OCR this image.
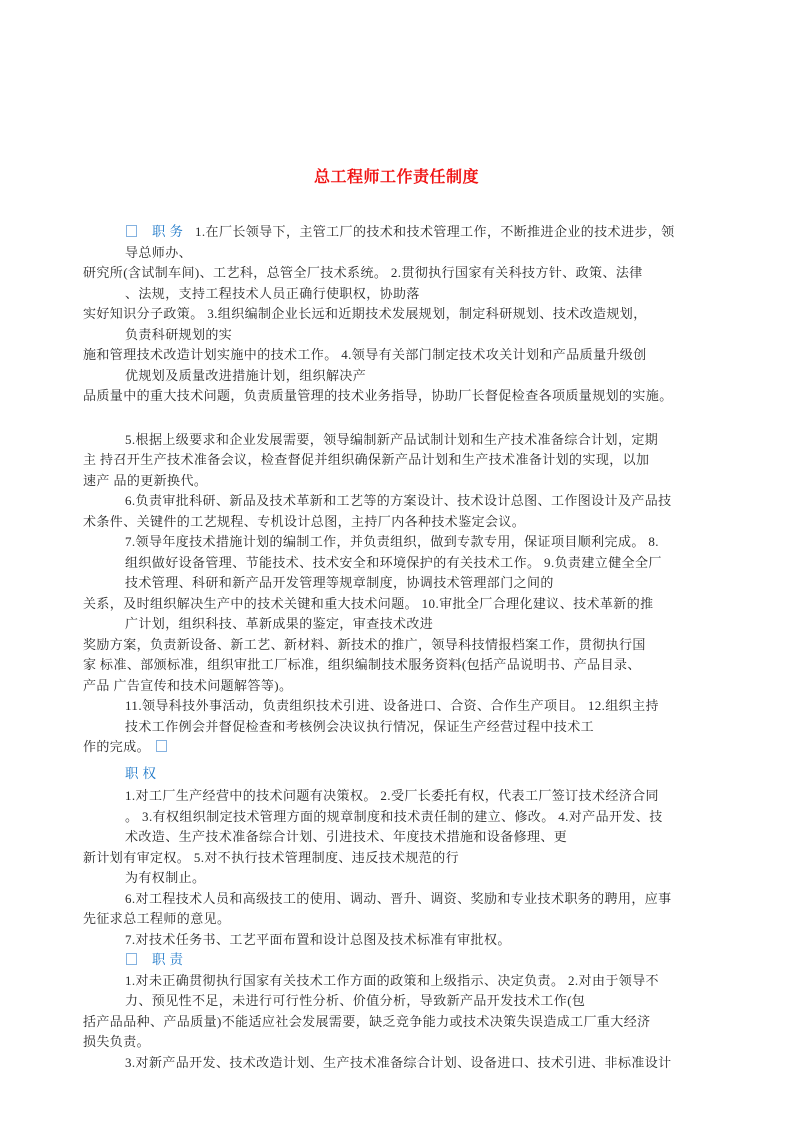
总工程师工作责任制度
职务 1.在厂长领导下，主管工厂的技术和技术管理工作，不断推进企业的技术进步，领
导总师办、
研究所(含试制车间)、工艺科，总管全厂技术系统。 2.贯彻执行国家有关科技方针、政策、法律
、法规，支持工程技术人员正确行使职权，协助落
实好知识分子政策。 3.组织编制企业长远和近期技术发展规划，制定科研规划、技术改造规划，
负责科研规划的实
施和管理技术改造计划实施中的技术工作。 4.领导有关部门制定技术攻关计划和产品质量升级创
优规划及质量改进措施计划，组织解决产
品质量中的重大技术问题，负责质量管理的技术业务指导，协助厂长督促检查各项质量规划的实施。
5.根据上级要求和企业发展需要，领导编制新产品试制计划和生产技术准备综合计划，定期
主 持召开生产技术准备会议，检查督促并组织确保新产品计划和生产技术准备计划的实现，以加
速产 品的更新换代。
6.负责审批科研、新品及技术革新和工艺等的方案设计、技术设计总图、工作图设计及产品技
术条件、关键件的工艺规程、专机设计总图，主持厂内各种技术鉴定会议。
7.领导年度技术措施计划的编制工作，并负责组织，做到专款专用，保证项目顺利完成。 8.
组织做好设备管理、节能技术、技术安全和环境保护的有关技术工作。 9.负责建立健全全厂
技术管理、科研和新产品开发管理等规章制度，协调技术管理部门之间的
关系，及时组织解决生产中的技术关键和重大技术问题。 10.审批全厂合理化建议、技术革新的推
广计划，组织科技、革新成果的鉴定，审查技术改进
奖励方案，负责新设备、新工艺、新材料、新技术的推广，领导科技情报档案工作，贯彻执行国
家 标准、部颁标准，组织审批工厂标准，组织编制技术服务资料(包括产品说明书、产品目录、
产品 广告宣传和技术问题解答等)。
11.领导科技外事活动，负责组织技术引进、设备进口、合资、合作生产项目。 12.组织主持
技术工作例会并督促检查和考核例会决议执行情况，保证生产经营过程中技术工
作的完成。
职权
1.对工厂生产经营中的技术问题有决策权。 2.受厂长委托有权，代表工厂签订技术经济合同
。 3.有权组织制定技术管理方面的规章制度和技术责任制的建立、修改。 4.对产品开发、技
术改造、生产技术准备综合计划、引进技术、年度技术措施和设备修理、更
新计划有审定权。 5.对不执行技术管理制度、违反技术规范的行
为有权制止。
6.对工程技术人员和高级技工的使用、调动、晋升、调资、奖励和专业技术职务的聘用，应事
先征求总工程师的意见。
7.对技术任务书、工艺平面布置和设计总图及技术标准有审批权。
职责
1.对未正确贯彻执行国家有关技术工作方面的政策和上级指示、决定负责。 2.对由于领导不
力、预见性不足，未进行可行性分析、价值分析，导致新产品开发技术工作(包
括产品品种、产品质量)不能适应社会发展需要，缺乏竞争能力或技术决策失误造成工厂重大经济
损失负责。
3.对新产品开发、技术改造计划、生产技术准备综合计划、设备进口、技术引进、非标准设计
